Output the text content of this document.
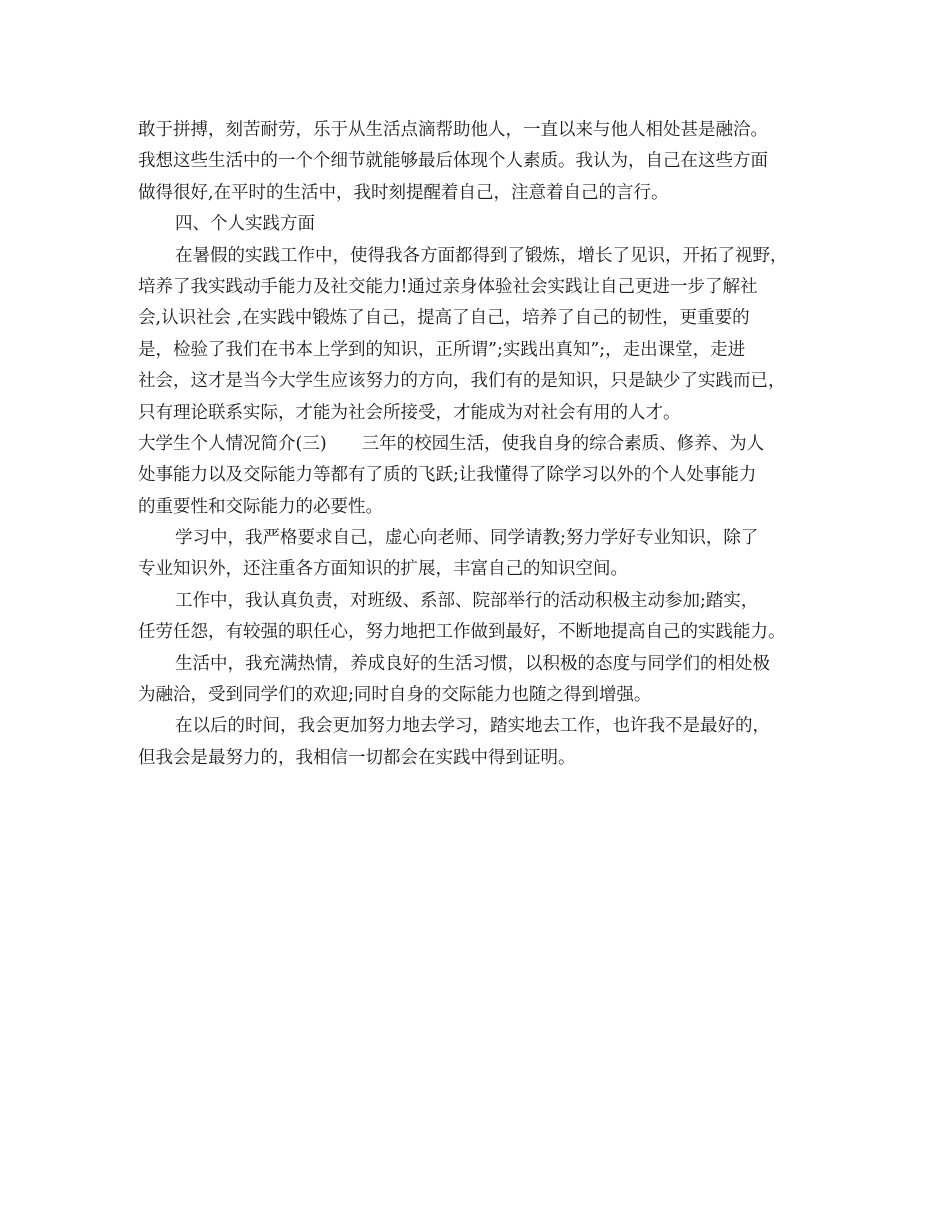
敢于拼搏，刻苦耐劳，乐于从生活点滴帮助他人，一直以来与他人相处甚是融洽。
我想这些生活中的一个个细节就能够最后体现个人素质。我认为，自己在这些方面
做得很好,在平时的生活中，我时刻提醒着自己，注意着自己的言行。
四、个人实践方面
在暑假的实践工作中，使得我各方面都得到了锻炼，增长了见识，开拓了视野，
培养了我实践动手能力及社交能力!通过亲身体验社会实践让自己更进一步了解社
会,认识社会 ,在实践中锻炼了自己，提高了自己，培养了自己的韧性，更重要的
是，检验了我们在书本上学到的知识，正所谓”;实践出真知”;，走出课堂，走进
社会，这才是当今大学生应该努力的方向，我们有的是知识，只是缺少了实践而已，
只有理论联系实际，才能为社会所接受，才能成为对社会有用的人才。
大学生个人情况简介(三)　　三年的校园生活，使我自身的综合素质、修养、为人
处事能力以及交际能力等都有了质的飞跃;让我懂得了除学习以外的个人处事能力
的重要性和交际能力的必要性。
学习中，我严格要求自己，虚心向老师、同学请教;努力学好专业知识，除了
专业知识外，还注重各方面知识的扩展，丰富自己的知识空间。
工作中，我认真负责，对班级、系部、院部举行的活动积极主动参加;踏实，
任劳任怨，有较强的职任心，努力地把工作做到最好，不断地提高自己的实践能力。
生活中，我充满热情，养成良好的生活习惯，以积极的态度与同学们的相处极
为融洽，受到同学们的欢迎;同时自身的交际能力也随之得到增强。
在以后的时间，我会更加努力地去学习，踏实地去工作，也许我不是最好的，
但我会是最努力的，我相信一切都会在实践中得到证明。
